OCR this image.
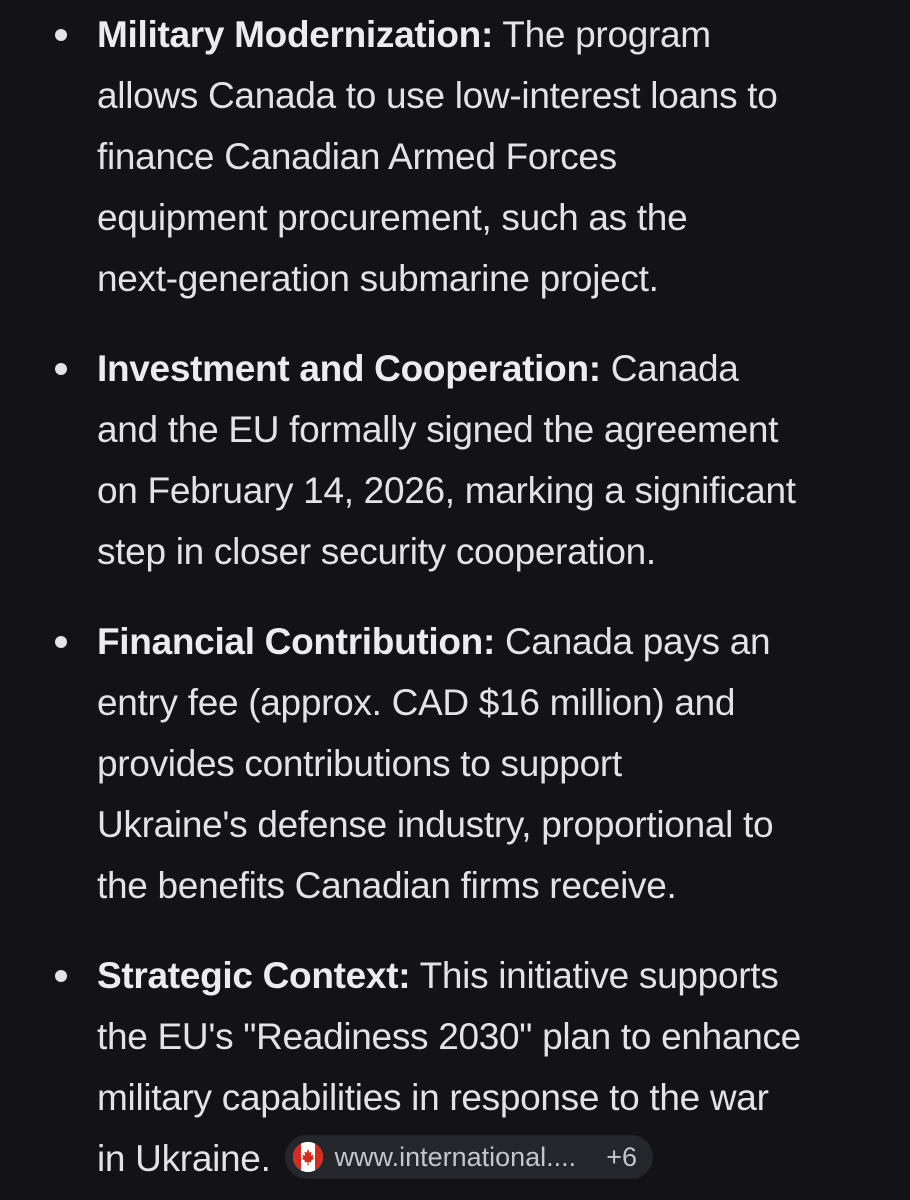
Military Modernization: The program
allows Canada to use low-interest loans to
finance Canadian Armed Forces
equipment procurement, such as the
next-generation submarine project.
Investment and Cooperation: Canada
and the EU formally signed the agreement
on February 14, 2026, marking a significant
step in closer security cooperation.
Financial Contribution: Canada pays an
entry fee (approx. CAD $16 million) and
provides contributions to support
Ukraine's defense industry, proportional to
the benefits Canadian firms receive.
Strategic Context: This initiative supports
the EU's "Readiness 2030" plan to enhance
military capabilities in response to the war
in Ukraine. www.international.... +6
